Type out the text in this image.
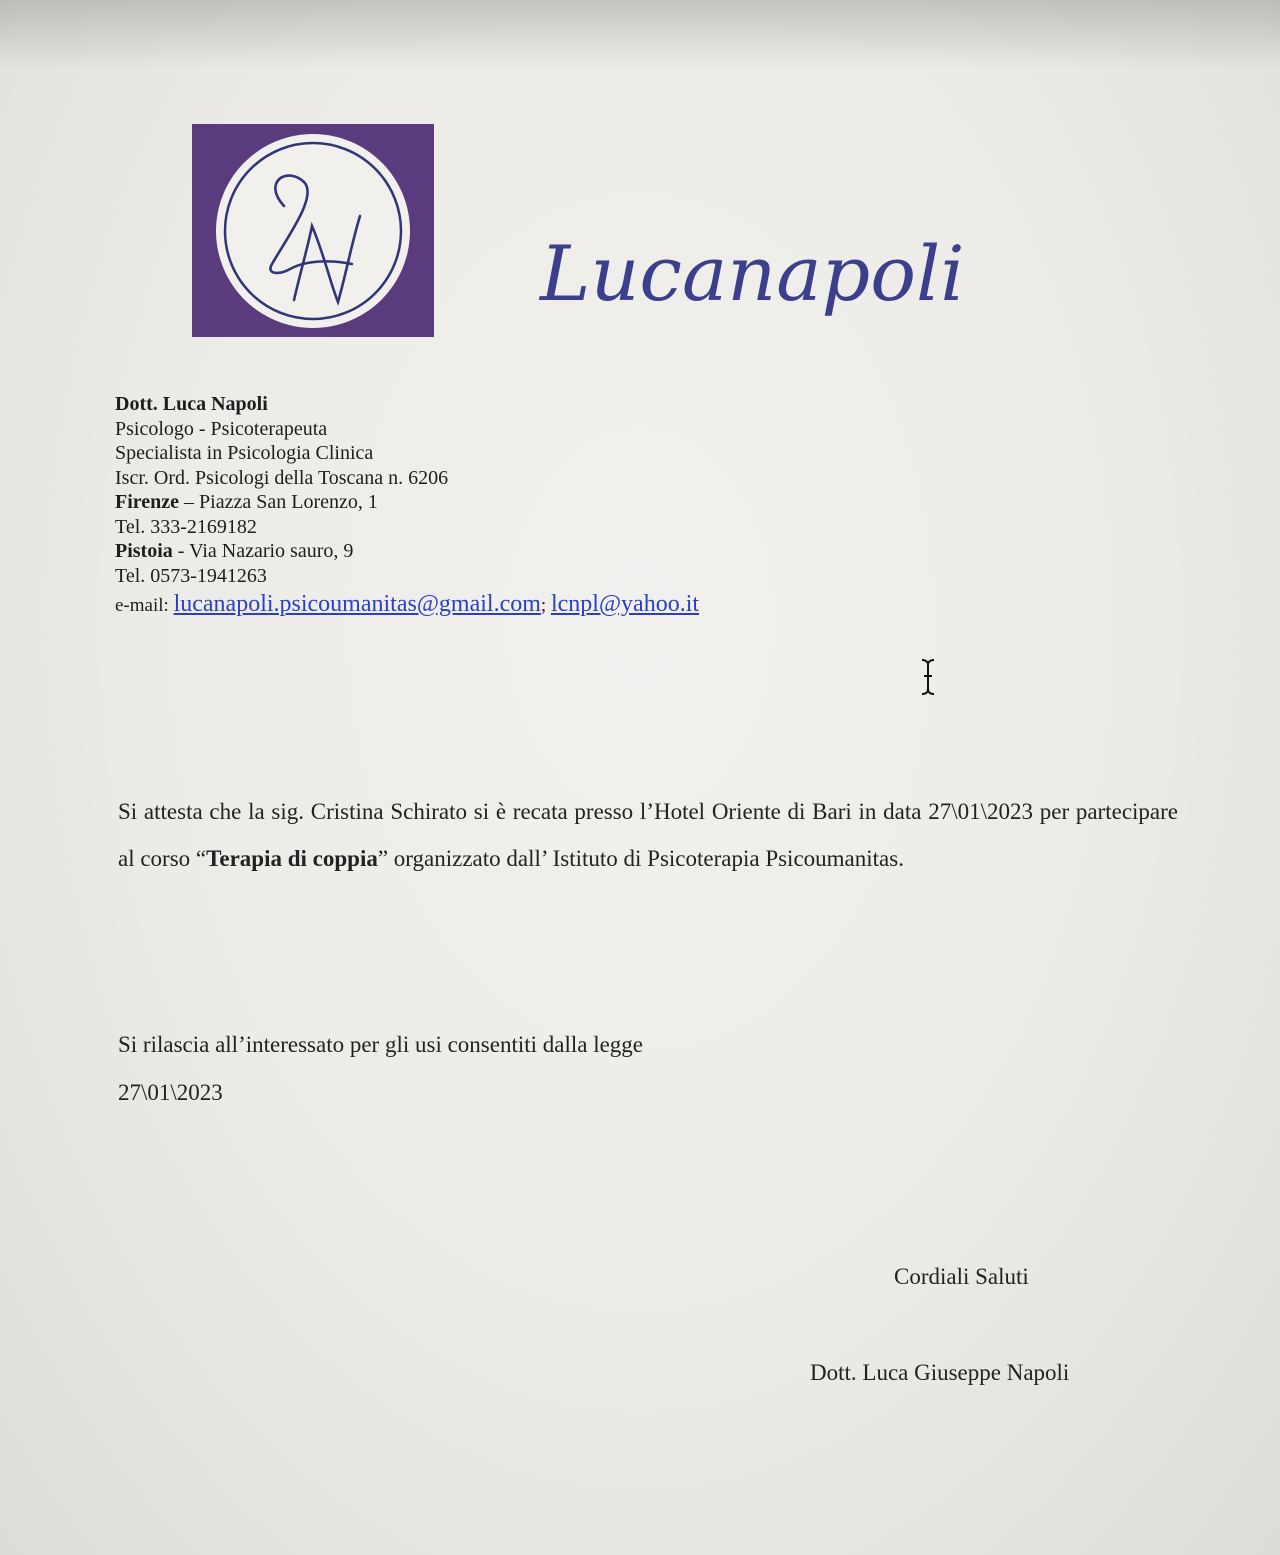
Lucanapoli
Dott. Luca Napoli
Psicologo - Psicoterapeuta
Specialista in Psicologia Clinica
Iscr. Ord. Psicologi della Toscana n. 6206
Firenze – Piazza San Lorenzo, 1
Tel. 333-2169182
Pistoia - Via Nazario sauro, 9
Tel. 0573-1941263
e-mail: lucanapoli.psicoumanitas@gmail.com; lcnpl@yahoo.it
Si attesta che la sig. Cristina Schirato si è recata presso l’Hotel Oriente di Bari in data 27\01\2023 per partecipare al corso “Terapia di coppia” organizzato dall’ Istituto di Psicoterapia Psicoumanitas.
Si rilascia all’interessato per gli usi consentiti dalla legge
27\01\2023
Cordiali Saluti
Dott. Luca Giuseppe Napoli
